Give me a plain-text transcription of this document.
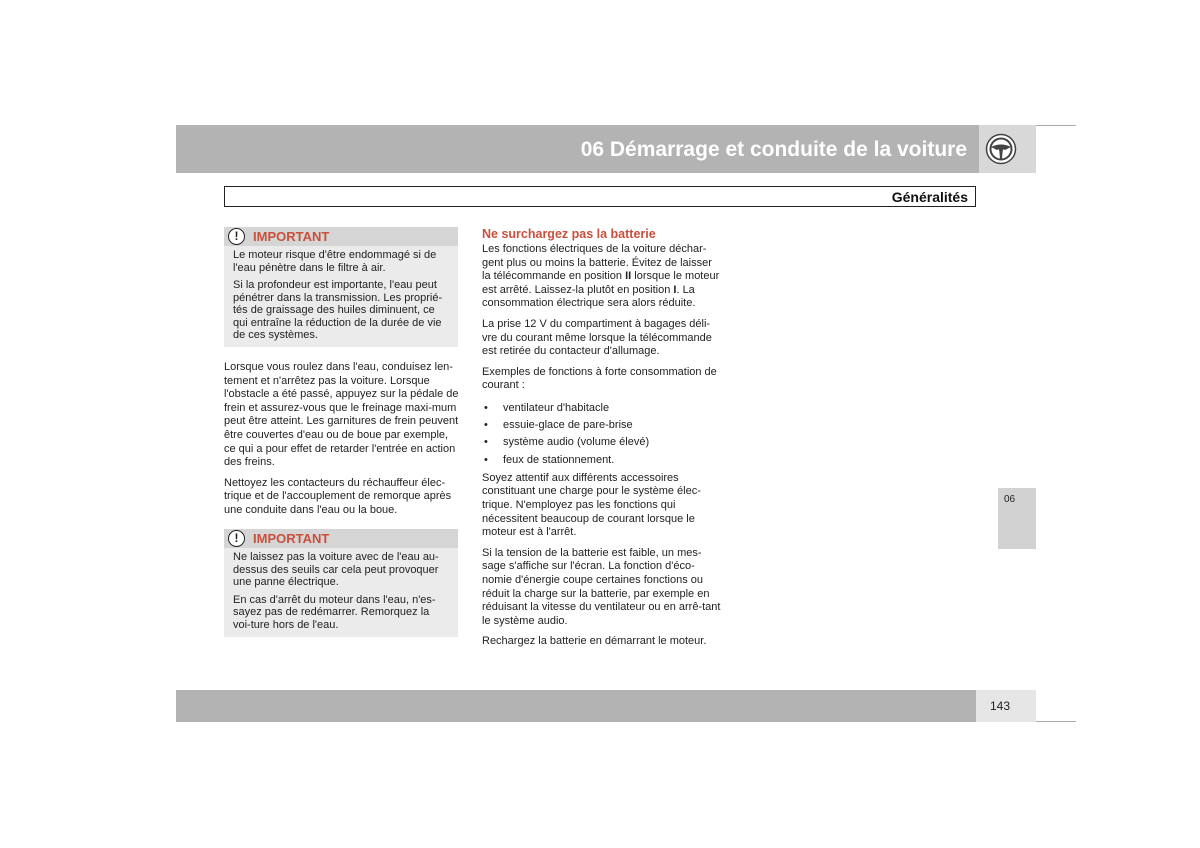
06 Démarrage et conduite de la voiture
Généralités
!	IMPORTANT

Le moteur risque d'être endommagé si de l'eau pénètre dans le filtre à air.

Si la profondeur est importante, l'eau peut pénétrer dans la transmission. Les proprié-tés de graissage des huiles diminuent, ce qui entraîne la réduction de la durée de vie de ces systèmes.

Lorsque vous roulez dans l'eau, conduisez len-tement et n'arrêtez pas la voiture. Lorsque l'obstacle a été passé, appuyez sur la pédale de frein et assurez-vous que le freinage maxi-mum peut être atteint. Les garnitures de frein peuvent être couvertes d'eau ou de boue par exemple, ce qui a pour effet de retarder l'entrée en action des freins.

Nettoyez les contacteurs du réchauffeur élec-trique et de l'accouplement de remorque après une conduite dans l'eau ou la boue.

!	IMPORTANT

Ne laissez pas la voiture avec de l'eau au-dessus des seuils car cela peut provoquer une panne électrique.

En cas d'arrêt du moteur dans l'eau, n'es-sayez pas de redémarrer. Remorquez la voi-ture hors de l'eau.

Ne surchargez pas la batterie

Les fonctions électriques de la voiture déchar-gent plus ou moins la batterie. Évitez de laisser la télécommande en position II lorsque le moteur est arrêté. Laissez-la plutôt en position I. La consommation électrique sera alors réduite.

La prise 12 V du compartiment à bagages déli-vre du courant même lorsque la télécommande est retirée du contacteur d'allumage.

Exemples de fonctions à forte consommation de courant :

• ventilateur d'habitacle
• essuie-glace de pare-brise
• système audio (volume élevé)
• feux de stationnement.

Soyez attentif aux différents accessoires constituant une charge pour le système élec-trique. N'employez pas les fonctions qui nécessitent beaucoup de courant lorsque le moteur est à l'arrêt.

Si la tension de la batterie est faible, un mes-sage s'affiche sur l'écran. La fonction d'éco-nomie d'énergie coupe certaines fonctions ou réduit la charge sur la batterie, par exemple en réduisant la vitesse du ventilateur ou en arrê-tant le système audio.

Rechargez la batterie en démarrant le moteur.

06
143
